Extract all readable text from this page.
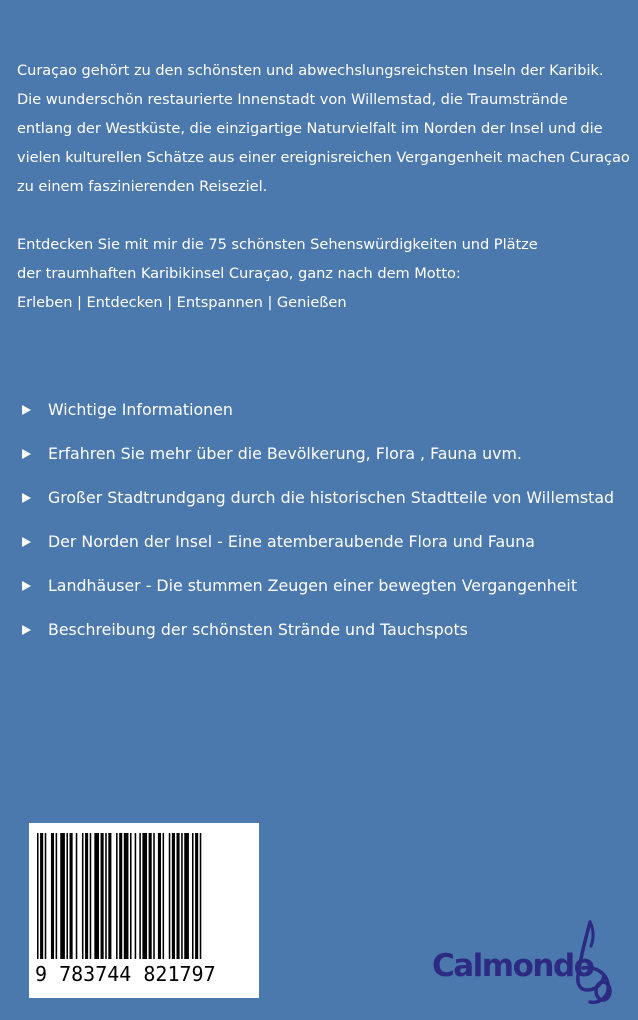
Curaçao gehört zu den schönsten und abwechslungsreichsten Inseln der Karibik.
Die wunderschön restaurierte Innenstadt von Willemstad, die Traumstrände
entlang der Westküste, die einzigartige Naturvielfalt im Norden der Insel und die
vielen kulturellen Schätze aus einer ereignisreichen Vergangenheit machen Curaçao
zu einem faszinierenden Reiseziel.

Entdecken Sie mit mir die 75 schönsten Sehenswürdigkeiten und Plätze
der traumhaften Karibikinsel Curaçao, ganz nach dem Motto:
Erleben | Entdecken | Entspannen | Genießen

Wichtige Informationen
Erfahren Sie mehr über die Bevölkerung, Flora , Fauna uvm.
Großer Stadtrundgang durch die historischen Stadtteile von Willemstad
Der Norden der Insel - Eine atemberaubende Flora und Fauna
Landhäuser - Die stummen Zeugen einer bewegten Vergangenheit
Beschreibung der schönsten Strände und Tauchspots
9 783744 821797	Calmondo
